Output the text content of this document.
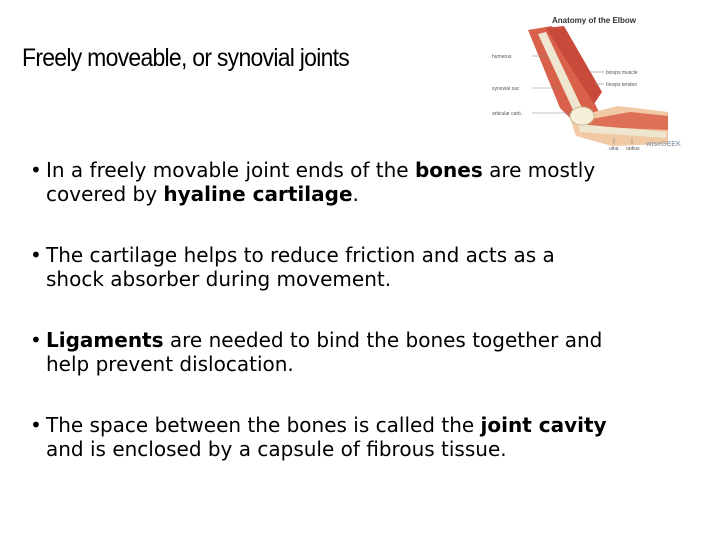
Freely moveable, or synovial joints
Anatomy of the Elbow
humerus
synovial sac
articular carti.
biceps muscle
biceps tendon
ulna radius
wiseGEEK
• In a freely movable joint ends of the bones are mostly covered by hyaline cartilage.
• The cartilage helps to reduce friction and acts as a shock absorber during movement.
• Ligaments are needed to bind the bones together and help prevent dislocation.
• The space between the bones is called the joint cavity and is enclosed by a capsule of fibrous tissue.
